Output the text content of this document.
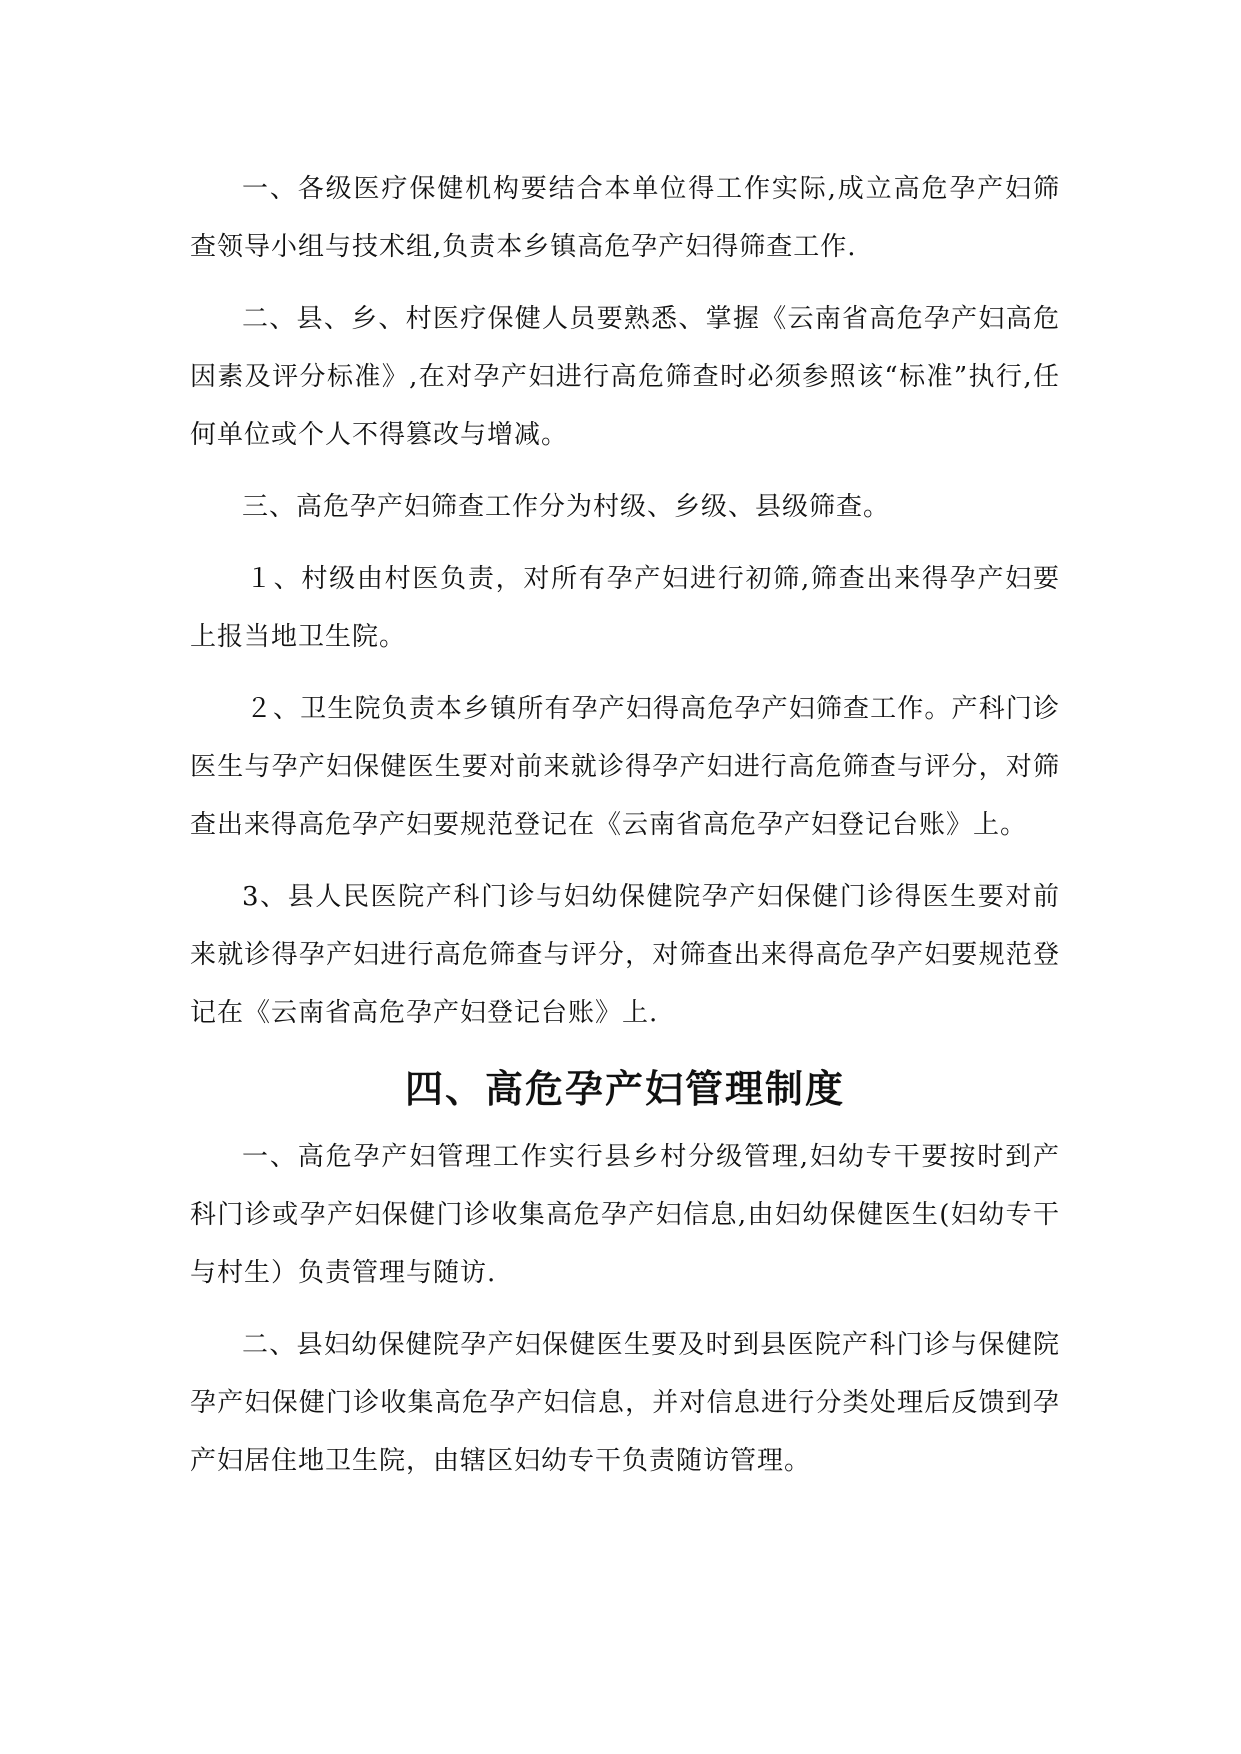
一、各级医疗保健机构要结合本单位得工作实际,成立高危孕产妇筛查领导小组与技术组,负责本乡镇高危孕产妇得筛查工作.

二、县、乡、村医疗保健人员要熟悉、掌握《云南省高危孕产妇高危因素及评分标准》,在对孕产妇进行高危筛查时必须参照该“标准”执行,任何单位或个人不得篡改与增减。

三、高危孕产妇筛查工作分为村级、乡级、县级筛查。

１、村级由村医负责，对所有孕产妇进行初筛,筛查出来得孕产妇要上报当地卫生院。

２、卫生院负责本乡镇所有孕产妇得高危孕产妇筛查工作。产科门诊医生与孕产妇保健医生要对前来就诊得孕产妇进行高危筛查与评分，对筛查出来得高危孕产妇要规范登记在《云南省高危孕产妇登记台账》上。

3、县人民医院产科门诊与妇幼保健院孕产妇保健门诊得医生要对前来就诊得孕产妇进行高危筛查与评分，对筛查出来得高危孕产妇要规范登记在《云南省高危孕产妇登记台账》上.

四、高危孕产妇管理制度

一、高危孕产妇管理工作实行县乡村分级管理,妇幼专干要按时到产科门诊或孕产妇保健门诊收集高危孕产妇信息,由妇幼保健医生(妇幼专干与村生）负责管理与随访.

二、县妇幼保健院孕产妇保健医生要及时到县医院产科门诊与保健院孕产妇保健门诊收集高危孕产妇信息，并对信息进行分类处理后反馈到孕产妇居住地卫生院，由辖区妇幼专干负责随访管理。
